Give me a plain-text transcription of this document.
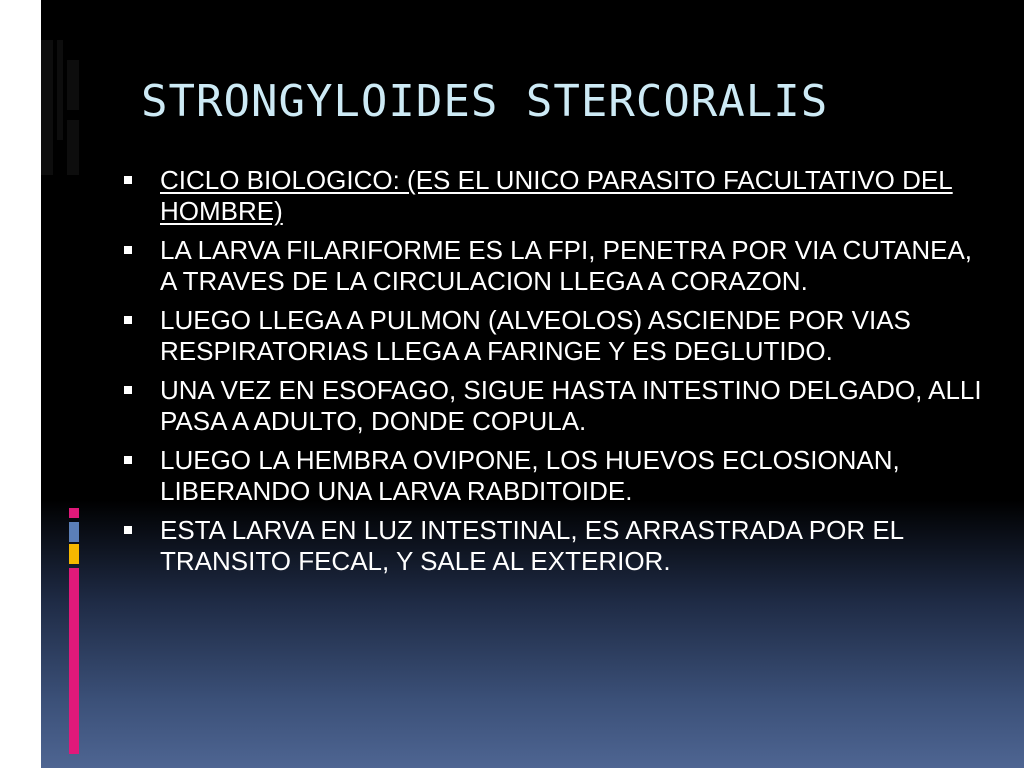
STRONGYLOIDES STERCORALIS
CICLO BIOLOGICO: (ES EL UNICO PARASITO FACULTATIVO DEL HOMBRE)
LA LARVA FILARIFORME ES LA FPI, PENETRA POR VIA CUTANEA, A TRAVES DE LA CIRCULACION LLEGA A CORAZON.
LUEGO LLEGA A PULMON (ALVEOLOS) ASCIENDE POR VIAS RESPIRATORIAS LLEGA A FARINGE Y ES DEGLUTIDO.
UNA VEZ EN ESOFAGO, SIGUE HASTA INTESTINO DELGADO, ALLI PASA A ADULTO, DONDE COPULA.
LUEGO LA HEMBRA OVIPONE, LOS HUEVOS ECLOSIONAN, LIBERANDO UNA LARVA RABDITOIDE.
ESTA LARVA EN LUZ INTESTINAL, ES ARRASTRADA POR EL TRANSITO FECAL, Y SALE AL EXTERIOR.
